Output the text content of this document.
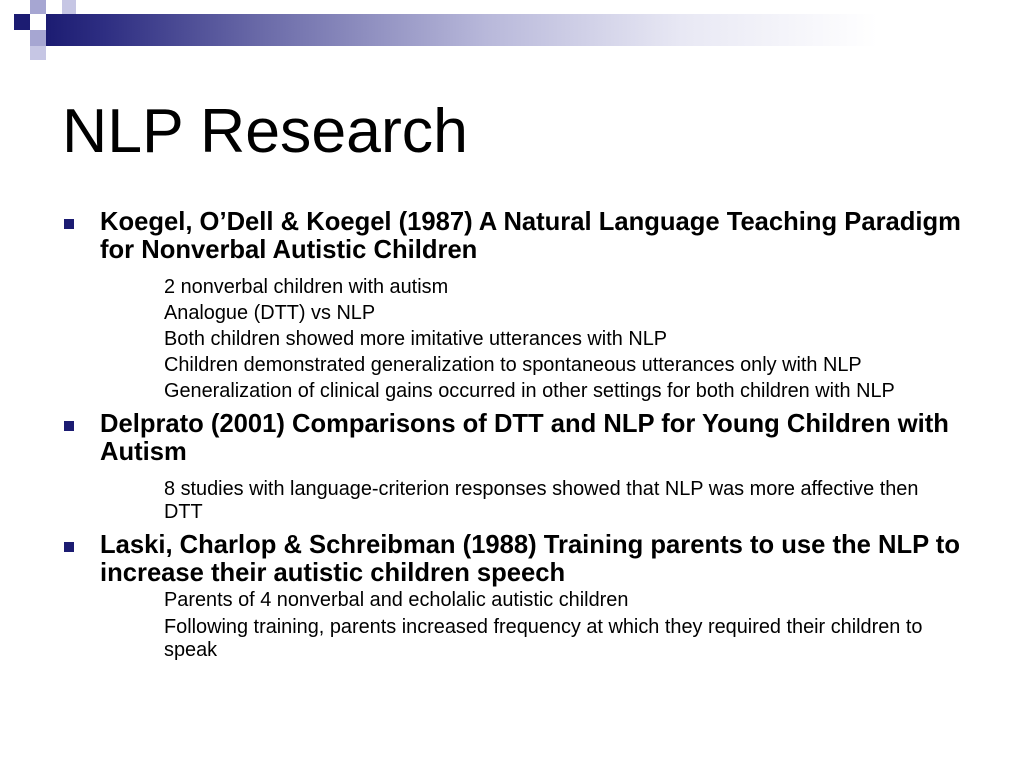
NLP Research
Koegel, O’Dell & Koegel (1987) A Natural Language Teaching Paradigm for Nonverbal Autistic Children
2 nonverbal children with autism
Analogue (DTT) vs NLP
Both children showed more imitative utterances with NLP
Children demonstrated generalization to spontaneous utterances only with NLP
Generalization of clinical gains occurred in other settings for both children with NLP
Delprato (2001) Comparisons of DTT and NLP for Young Children with Autism
8 studies with language-criterion responses showed that NLP was more affective then DTT
Laski, Charlop & Schreibman (1988) Training parents to use the NLP to increase their autistic children speech
Parents of 4 nonverbal and echolalic autistic children
Following training, parents increased frequency at which they required their children to speak
